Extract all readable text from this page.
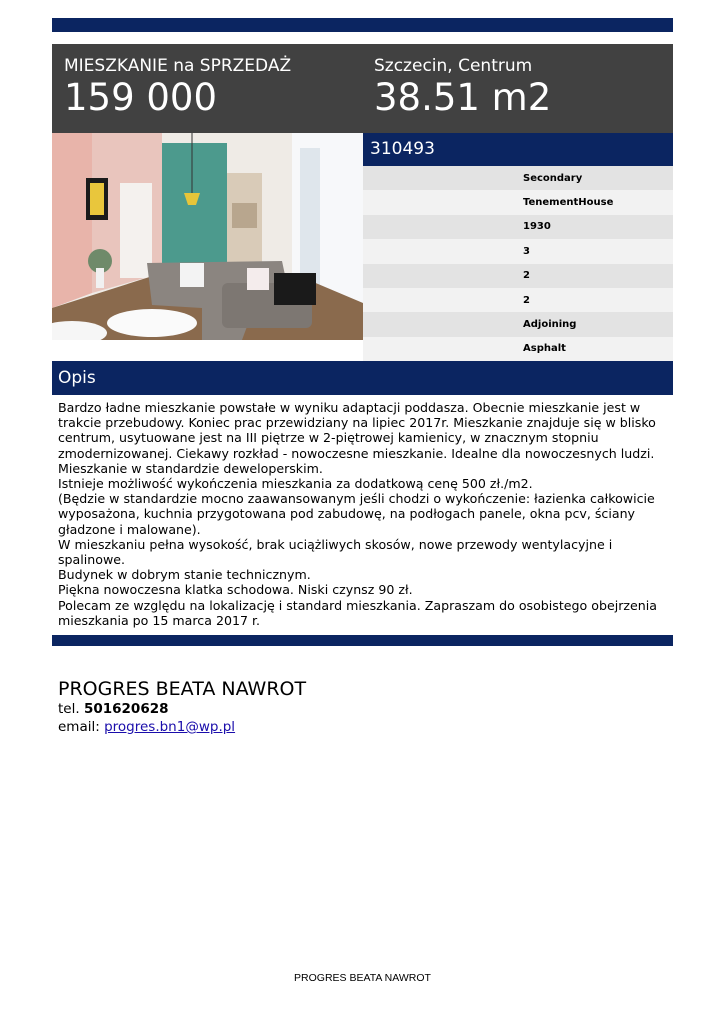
MIESZKANIE na SPRZEDAŻ
159 000
Szczecin, Centrum
38.51 m2
310493
Secondary
TenementHouse
1930
3
2
2
Adjoining
Asphalt
Opis
Bardzo ładne mieszkanie powstałe w wyniku adaptacji poddasza. Obecnie mieszkanie jest w trakcie przebudowy. Koniec prac przewidziany na lipiec 2017r. Mieszkanie znajduje się w blisko centrum, usytuowane jest na III piętrze w 2-piętrowej kamienicy, w znacznym stopniu zmodernizowanej. Ciekawy rozkład - nowoczesne mieszkanie. Idealne dla nowoczesnych ludzi.
Mieszkanie w standardzie deweloperskim.
Istnieje możliwość wykończenia mieszkania za dodatkową cenę 500 zł./m2.
(Będzie w standardzie mocno zaawansowanym jeśli chodzi o wykończenie: łazienka całkowicie wyposażona, kuchnia przygotowana pod zabudowę, na podłogach panele, okna pcv, ściany gładzone i malowane).
W mieszkaniu pełna wysokość, brak uciążliwych skosów, nowe przewody wentylacyjne i spalinowe.
Budynek w dobrym stanie technicznym.
Piękna nowoczesna klatka schodowa. Niski czynsz 90 zł.
Polecam ze względu na lokalizację i standard mieszkania. Zapraszam do osobistego obejrzenia mieszkania po 15 marca 2017 r.
PROGRES BEATA NAWROT
tel. 501620628
email: progres.bn1@wp.pl
PROGRES BEATA NAWROT
